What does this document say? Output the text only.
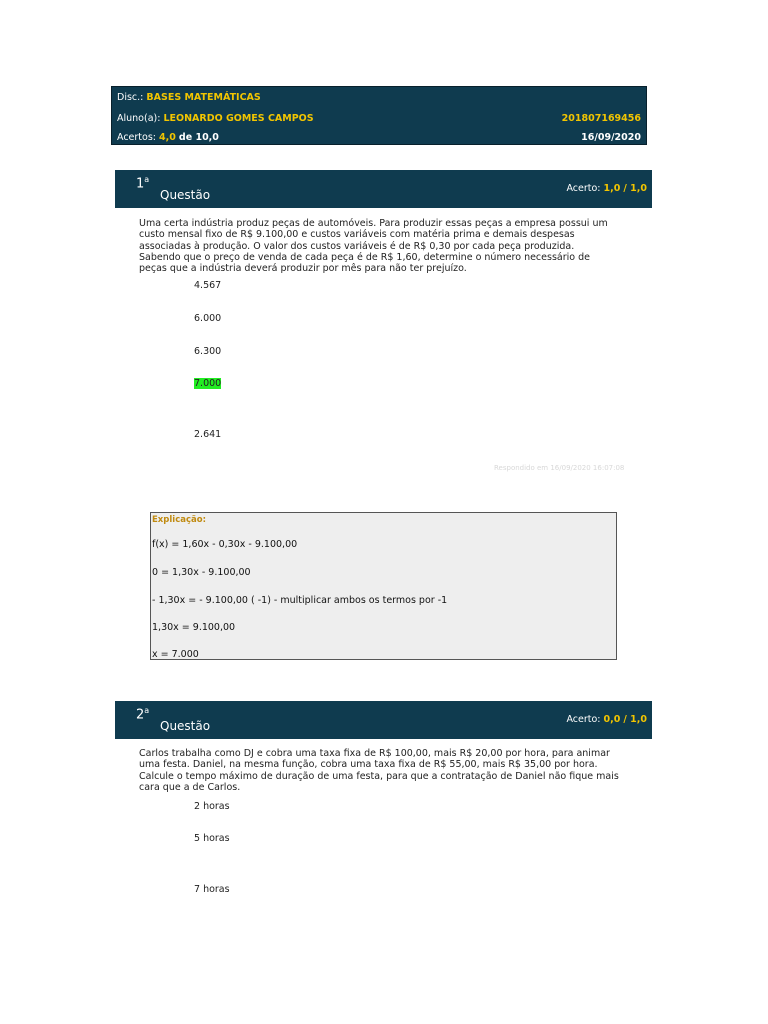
Disc.: BASES MATEMÁTICAS
Aluno(a): LEONARDO GOMES CAMPOS	201807169456
Acertos: 4,0 de 10,0	16/09/2020
1$^a$
Questão	Acerto: 1,0 / 1,0
Uma certa indústria produz peças de automóveis. Para produzir essas peças a empresa possui um
custo mensal fixo de R$ 9.100,00 e custos variáveis com matéria prima e demais despesas
associadas à produção. O valor dos custos variáveis é de R$ 0,30 por cada peça produzida.
Sabendo que o preço de venda de cada peça é de R$ 1,60, determine o número necessário de
peças que a indústria deverá produzir por mês para não ter prejuízo.
4.567
6.000
6.300
7.000
2.641
Respondido em 16/09/2020 16:07:08
Explicação:
f(x) = 1,60x - 0,30x - 9.100,00
0 = 1,30x - 9.100,00
- 1,30x = - 9.100,00 ( -1) - multiplicar ambos os termos por -1
1,30x = 9.100,00
x = 7.000
2$^a$
Questão	Acerto: 0,0 / 1,0
Carlos trabalha como DJ e cobra uma taxa fixa de R$ 100,00, mais R$ 20,00 por hora, para animar
uma festa. Daniel, na mesma função, cobra uma taxa fixa de R$ 55,00, mais R$ 35,00 por hora.
Calcule o tempo máximo de duração de uma festa, para que a contratação de Daniel não fique mais
cara que a de Carlos.
2 horas
5 horas
7 horas
